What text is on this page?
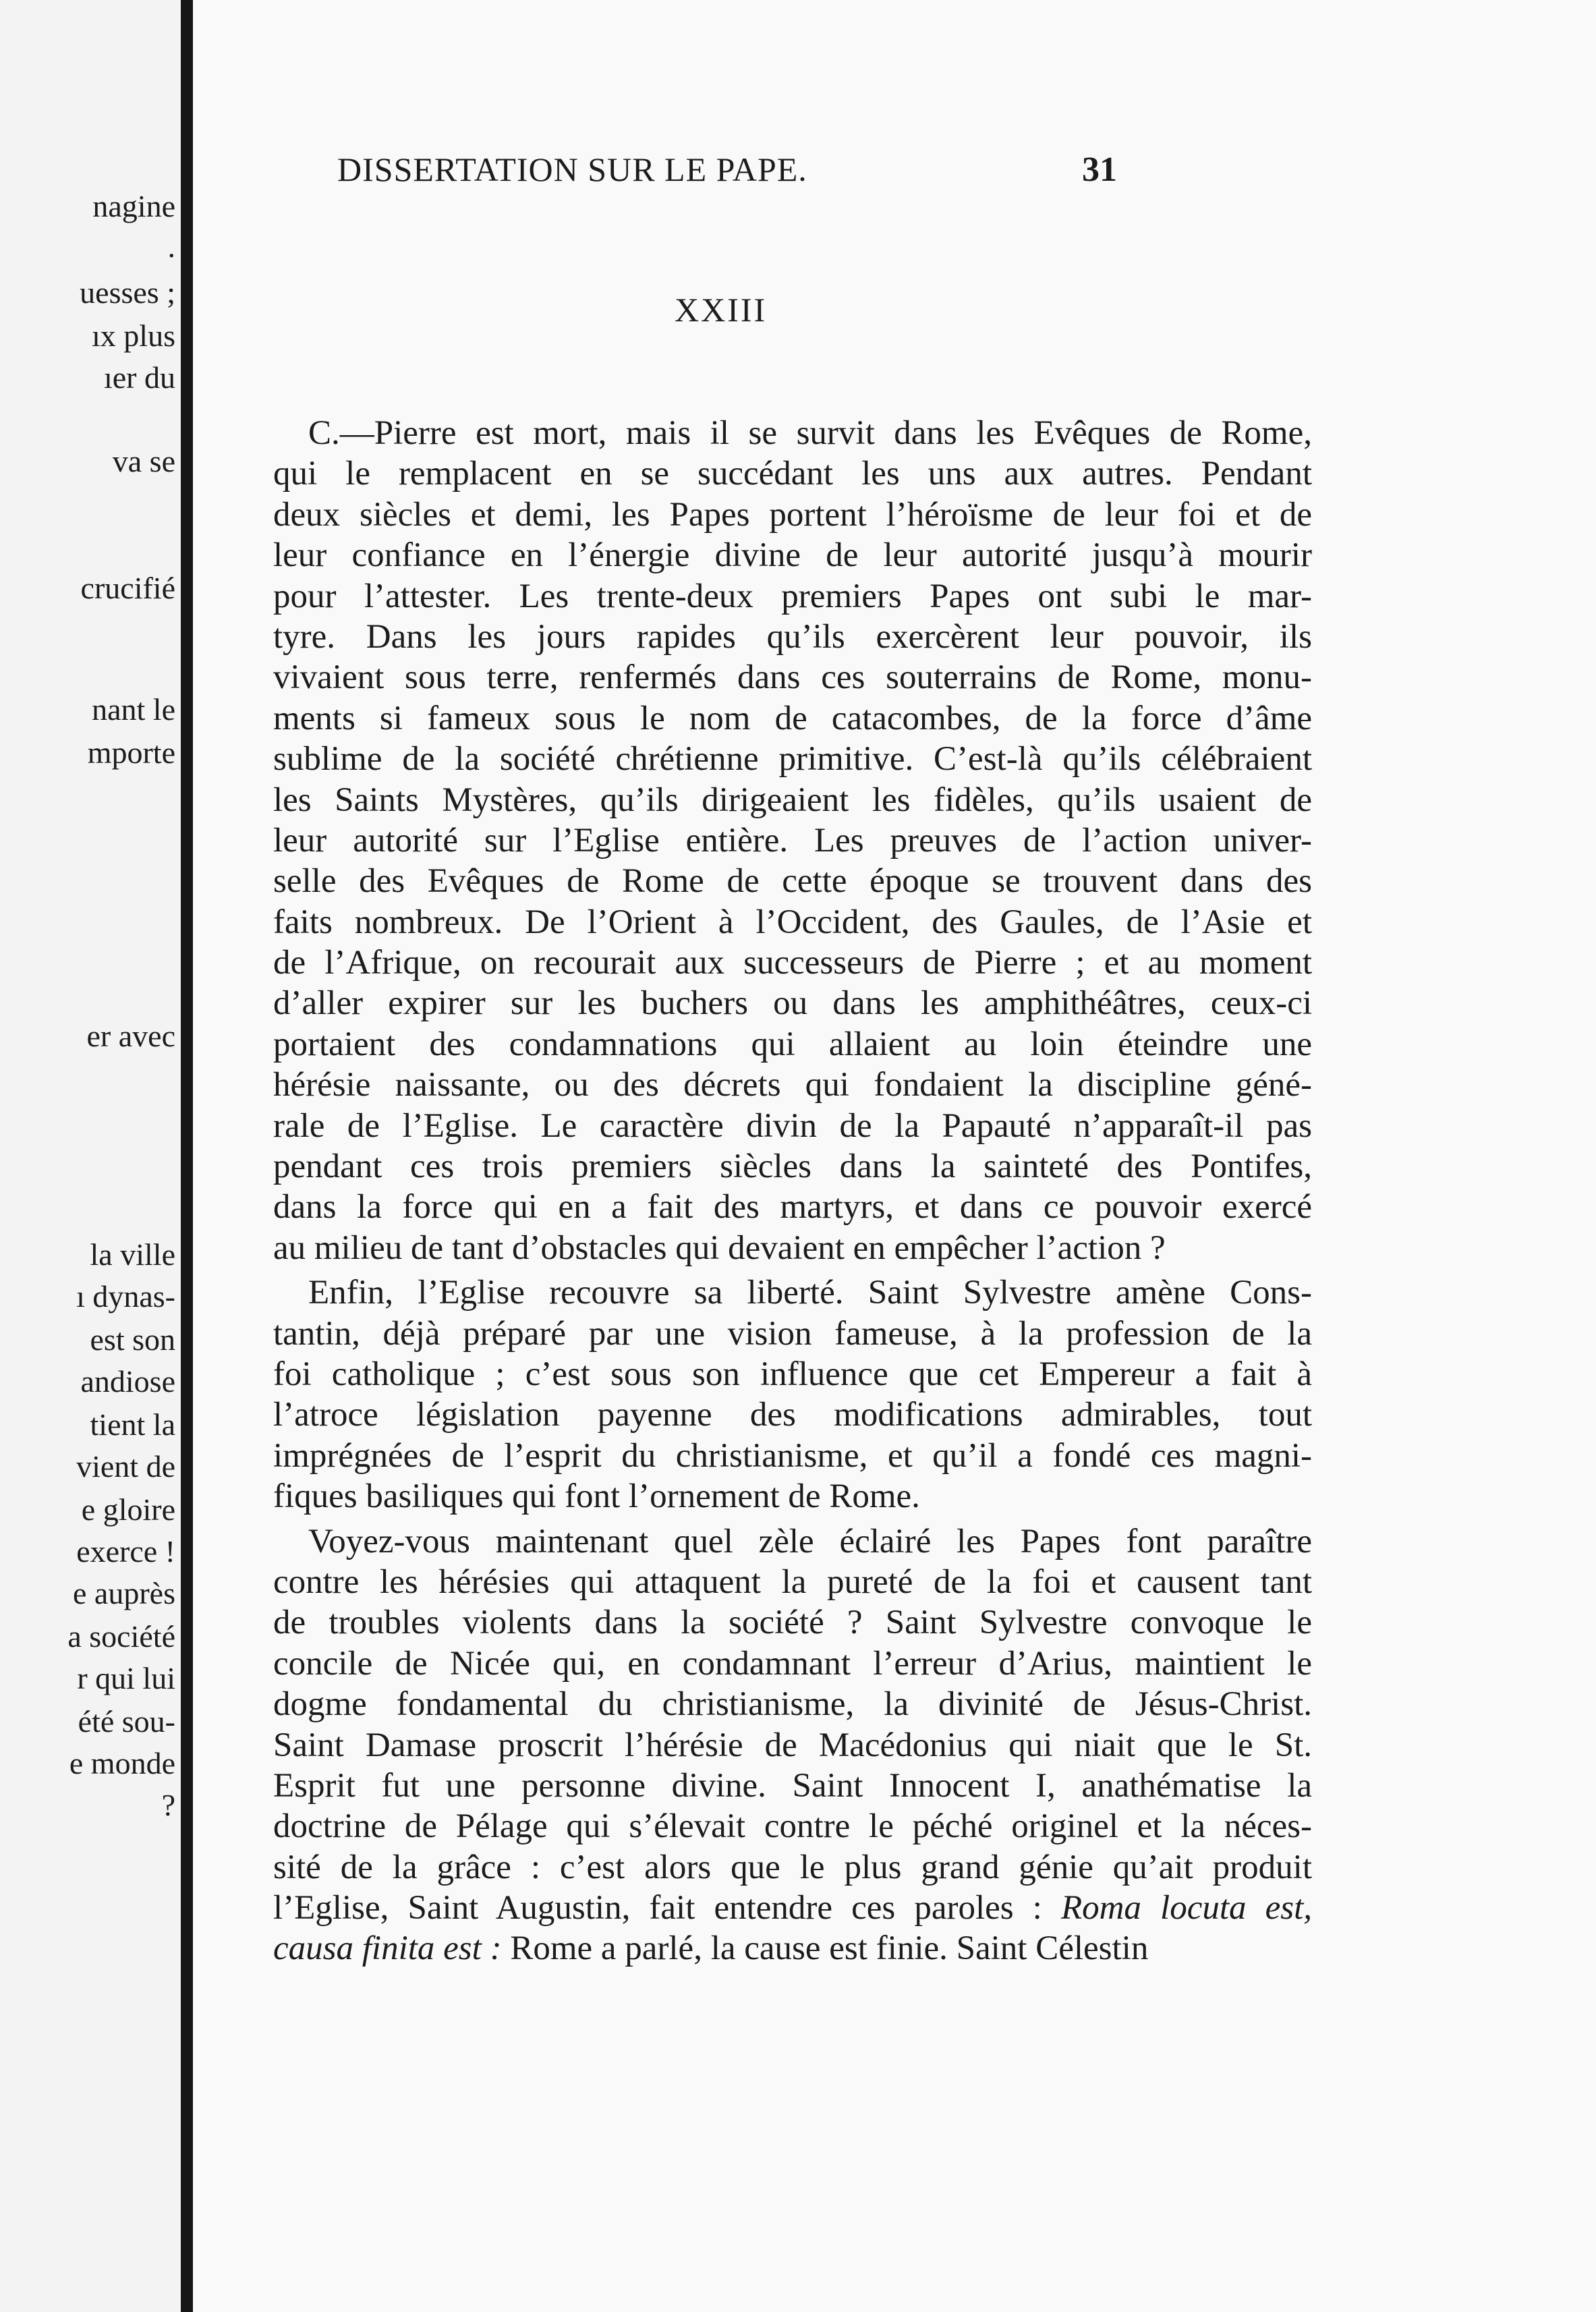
nagine
.
uesses ;
ıx plus
ıer du
va se
crucifié
nant le
mporte
er avec
la ville
ı dynas-
est son
andiose
tient la
vient de
e gloire
exerce !
e auprès
a société
r qui lui
été sou-
e monde
?
DISSERTATION SUR LE PAPE.	31
XXIII
C.—Pierre est mort, mais il se survit dans les Evêques de Rome,
qui le remplacent en se succédant les uns aux autres. Pendant
deux siècles et demi, les Papes portent l’héroïsme de leur foi et de
leur confiance en l’énergie divine de leur autorité jusqu’à mourir
pour l’attester. Les trente-deux premiers Papes ont subi le mar-
tyre. Dans les jours rapides qu’ils exercèrent leur pouvoir, ils
vivaient sous terre, renfermés dans ces souterrains de Rome, monu-
ments si fameux sous le nom de catacombes, de la force d’âme
sublime de la société chrétienne primitive. C’est-là qu’ils célébraient
les Saints Mystères, qu’ils dirigeaient les fidèles, qu’ils usaient de
leur autorité sur l’Eglise entière. Les preuves de l’action univer-
selle des Evêques de Rome de cette époque se trouvent dans des
faits nombreux. De l’Orient à l’Occident, des Gaules, de l’Asie et
de l’Afrique, on recourait aux successeurs de Pierre ; et au moment
d’aller expirer sur les buchers ou dans les amphithéâtres, ceux-ci
portaient des condamnations qui allaient au loin éteindre une
hérésie naissante, ou des décrets qui fondaient la discipline géné-
rale de l’Eglise. Le caractère divin de la Papauté n’apparaît-il pas
pendant ces trois premiers siècles dans la sainteté des Pontifes,
dans la force qui en a fait des martyrs, et dans ce pouvoir exercé
au milieu de tant d’obstacles qui devaient en empêcher l’action ?
Enfin, l’Eglise recouvre sa liberté. Saint Sylvestre amène Cons-
tantin, déjà préparé par une vision fameuse, à la profession de la
foi catholique ; c’est sous son influence que cet Empereur a fait à
l’atroce législation payenne des modifications admirables, tout
imprégnées de l’esprit du christianisme, et qu’il a fondé ces magni-
fiques basiliques qui font l’ornement de Rome.
Voyez-vous maintenant quel zèle éclairé les Papes font paraître
contre les hérésies qui attaquent la pureté de la foi et causent tant
de troubles violents dans la société ? Saint Sylvestre convoque le
concile de Nicée qui, en condamnant l’erreur d’Arius, maintient le
dogme fondamental du christianisme, la divinité de Jésus-Christ.
Saint Damase proscrit l’hérésie de Macédonius qui niait que le St.
Esprit fut une personne divine. Saint Innocent I, anathématise la
doctrine de Pélage qui s’élevait contre le péché originel et la néces-
sité de la grâce : c’est alors que le plus grand génie qu’ait produit
l’Eglise, Saint Augustin, fait entendre ces paroles : Roma locuta est,
causa finita est : Rome a parlé, la cause est finie. Saint Célestin
